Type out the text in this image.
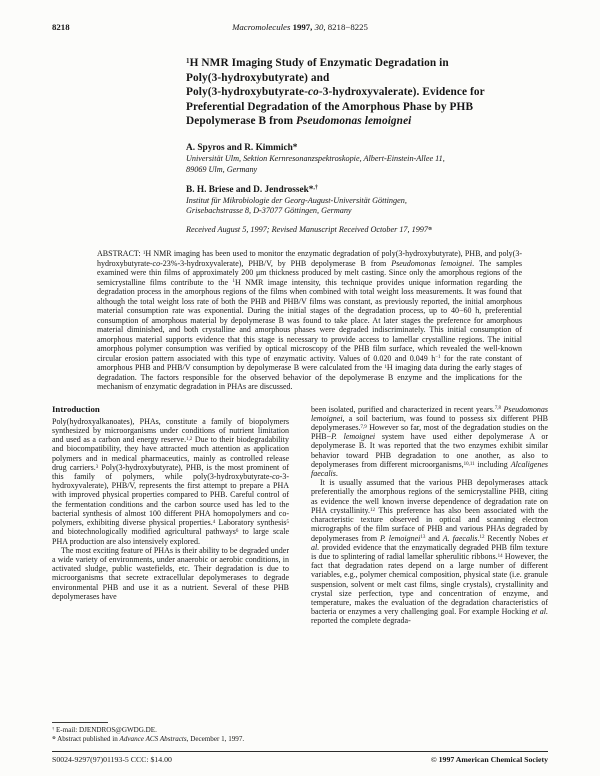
8218	Macromolecules 1997, 30, 8218−8225
$^1$H NMR Imaging Study of Enzymatic Degradation in
Poly(3-hydroxybutyrate) and
Poly(3-hydroxybutyrate-co-3-hydroxyvalerate). Evidence for
Preferential Degradation of the Amorphous Phase by PHB
Depolymerase B from Pseudomonas lemoignei
A. Spyros and R. Kimmich*
Universität Ulm, Sektion Kernresonanzspektroskopie, Albert-Einstein-Allee 11,
89069 Ulm, Germany
B. H. Briese and D. Jendrossek*,†
Institut für Mikrobiologie der Georg-August-Universität Göttingen,
Grisebachstrasse 8, D-37077 Göttingen, Germany
Received August 5, 1997; Revised Manuscript Received October 17, 1997⊗
ABSTRACT: $^1$H NMR imaging has been used to monitor the enzymatic degradation of poly(3-hydroxybutyrate), PHB, and poly(3-hydroxybutyrate-co-23%-3-hydroxyvalerate), PHB/V, by PHB depolymerase B from Pseudomonas lemoignei. The samples examined were thin films of approximately 200 μm thickness produced by melt casting. Since only the amorphous regions of the semicrystalline films contribute to the $^1$H NMR image intensity, this technique provides unique information regarding the degradation process in the amorphous regions of the films when combined with total weight loss measurements. It was found that although the total weight loss rate of both the PHB and PHB/V films was constant, as previously reported, the initial amorphous material consumption rate was exponential. During the initial stages of the degradation process, up to 40−60 h, preferential consumption of amorphous material by depolymerase B was found to take place. At later stages the preference for amorphous material diminished, and both crystalline and amorphous phases were degraded indiscriminately. This initial consumption of amorphous material supports evidence that this stage is necessary to provide access to lamellar crystalline regions. The initial amorphous polymer consumption was verified by optical microscopy of the PHB film surface, which revealed the well-known circular erosion pattern associated with this type of enzymatic activity. Values of 0.020 and 0.049 $h^{-1}$ for the rate constant of amorphous PHB and PHB/V consumption by depolymerase B were calculated from the $^1$H imaging data during the early stages of degradation. The factors responsible for the observed behavior of the depolymerase B enzyme and the implications for the mechanism of enzymatic degradation in PHAs are discussed.
Introduction

Poly(hydroxyalkanoates), PHAs, constitute a family of biopolymers synthesized by microorganisms under conditions of nutrient limitation and used as a carbon and energy reserve.$^{1,2}$ Due to their biodegradability and biocompatibility, they have attracted much attention as application polymers and in medical pharmaceutics, mainly as controlled release drug carriers.$^3$ Poly(3-hydroxybutyrate), PHB, is the most prominent of this family of polymers, while poly(3-hydroxybutyrate-co-3-hydroxyvalerate), PHB/V, represents the first attempt to prepare a PHA with improved physical properties compared to PHB. Careful control of the fermentation conditions and the carbon source used has led to the bacterial synthesis of almost 100 different PHA homopolymers and co-polymers, exhibiting diverse physical properties.$^4$ Laboratory synthesis$^5$ and biotechnologically modified agricultural pathways$^6$ to large scale PHA production are also intensively explored.

The most exciting feature of PHAs is their ability to be degraded under a wide variety of environments, under anaerobic or aerobic conditions, in activated sludge, public wastefields, etc. Their degradation is due to microorganisms that secrete extracellular depolymerases to degrade environmental PHB and use it as a nutrient. Several of these PHB depolymerases have

† E-mail: DJENDROS@GWDG.DE.
⊗ Abstract published in Advance ACS Abstracts, December 1, 1997.

been isolated, purified and characterized in recent years.$^{7,8}$ Pseudomonas lemoignei, a soil bacterium, was found to possess six different PHB depolymerases.$^{7,9}$ However so far, most of the degradation studies on the PHB−P. lemoignei system have used either depolymerase A or depolymerase B. It was reported that the two enzymes exhibit similar behavior toward PHB degradation to one another, as also to depolymerases from different microorganisms,$^{10,11}$ including Alcaligenes faecalis.

It is usually assumed that the various PHB depolymerases attack preferentially the amorphous regions of the semicrystalline PHB, citing as evidence the well known inverse dependence of degradation rate on PHA crystallinity.$^{12}$ This preference has also been associated with the characteristic texture observed in optical and scanning electron micrographs of the film surface of PHB and various PHAs degraded by depolymerases from P. lemoignei$^{13}$ and A. faecalis.$^{12}$ Recently Nobes et al. provided evidence that the enzymatically degraded PHB film texture is due to splintering of radial lamellar spherulitic ribbons.$^{14}$ However, the fact that degradation rates depend on a large number of different variables, e.g., polymer chemical composition, physical state (i.e. granule suspension, solvent or melt cast films, single crystals), crystallinity and crystal size perfection, type and concentration of enzyme, and temperature, makes the evaluation of the degradation characteristics of bacteria or enzymes a very challenging goal. For example Hocking et al. reported the complete degrada-

S0024-9297(97)01193-5 CCC: $14.00	© 1997 American Chemical Society
